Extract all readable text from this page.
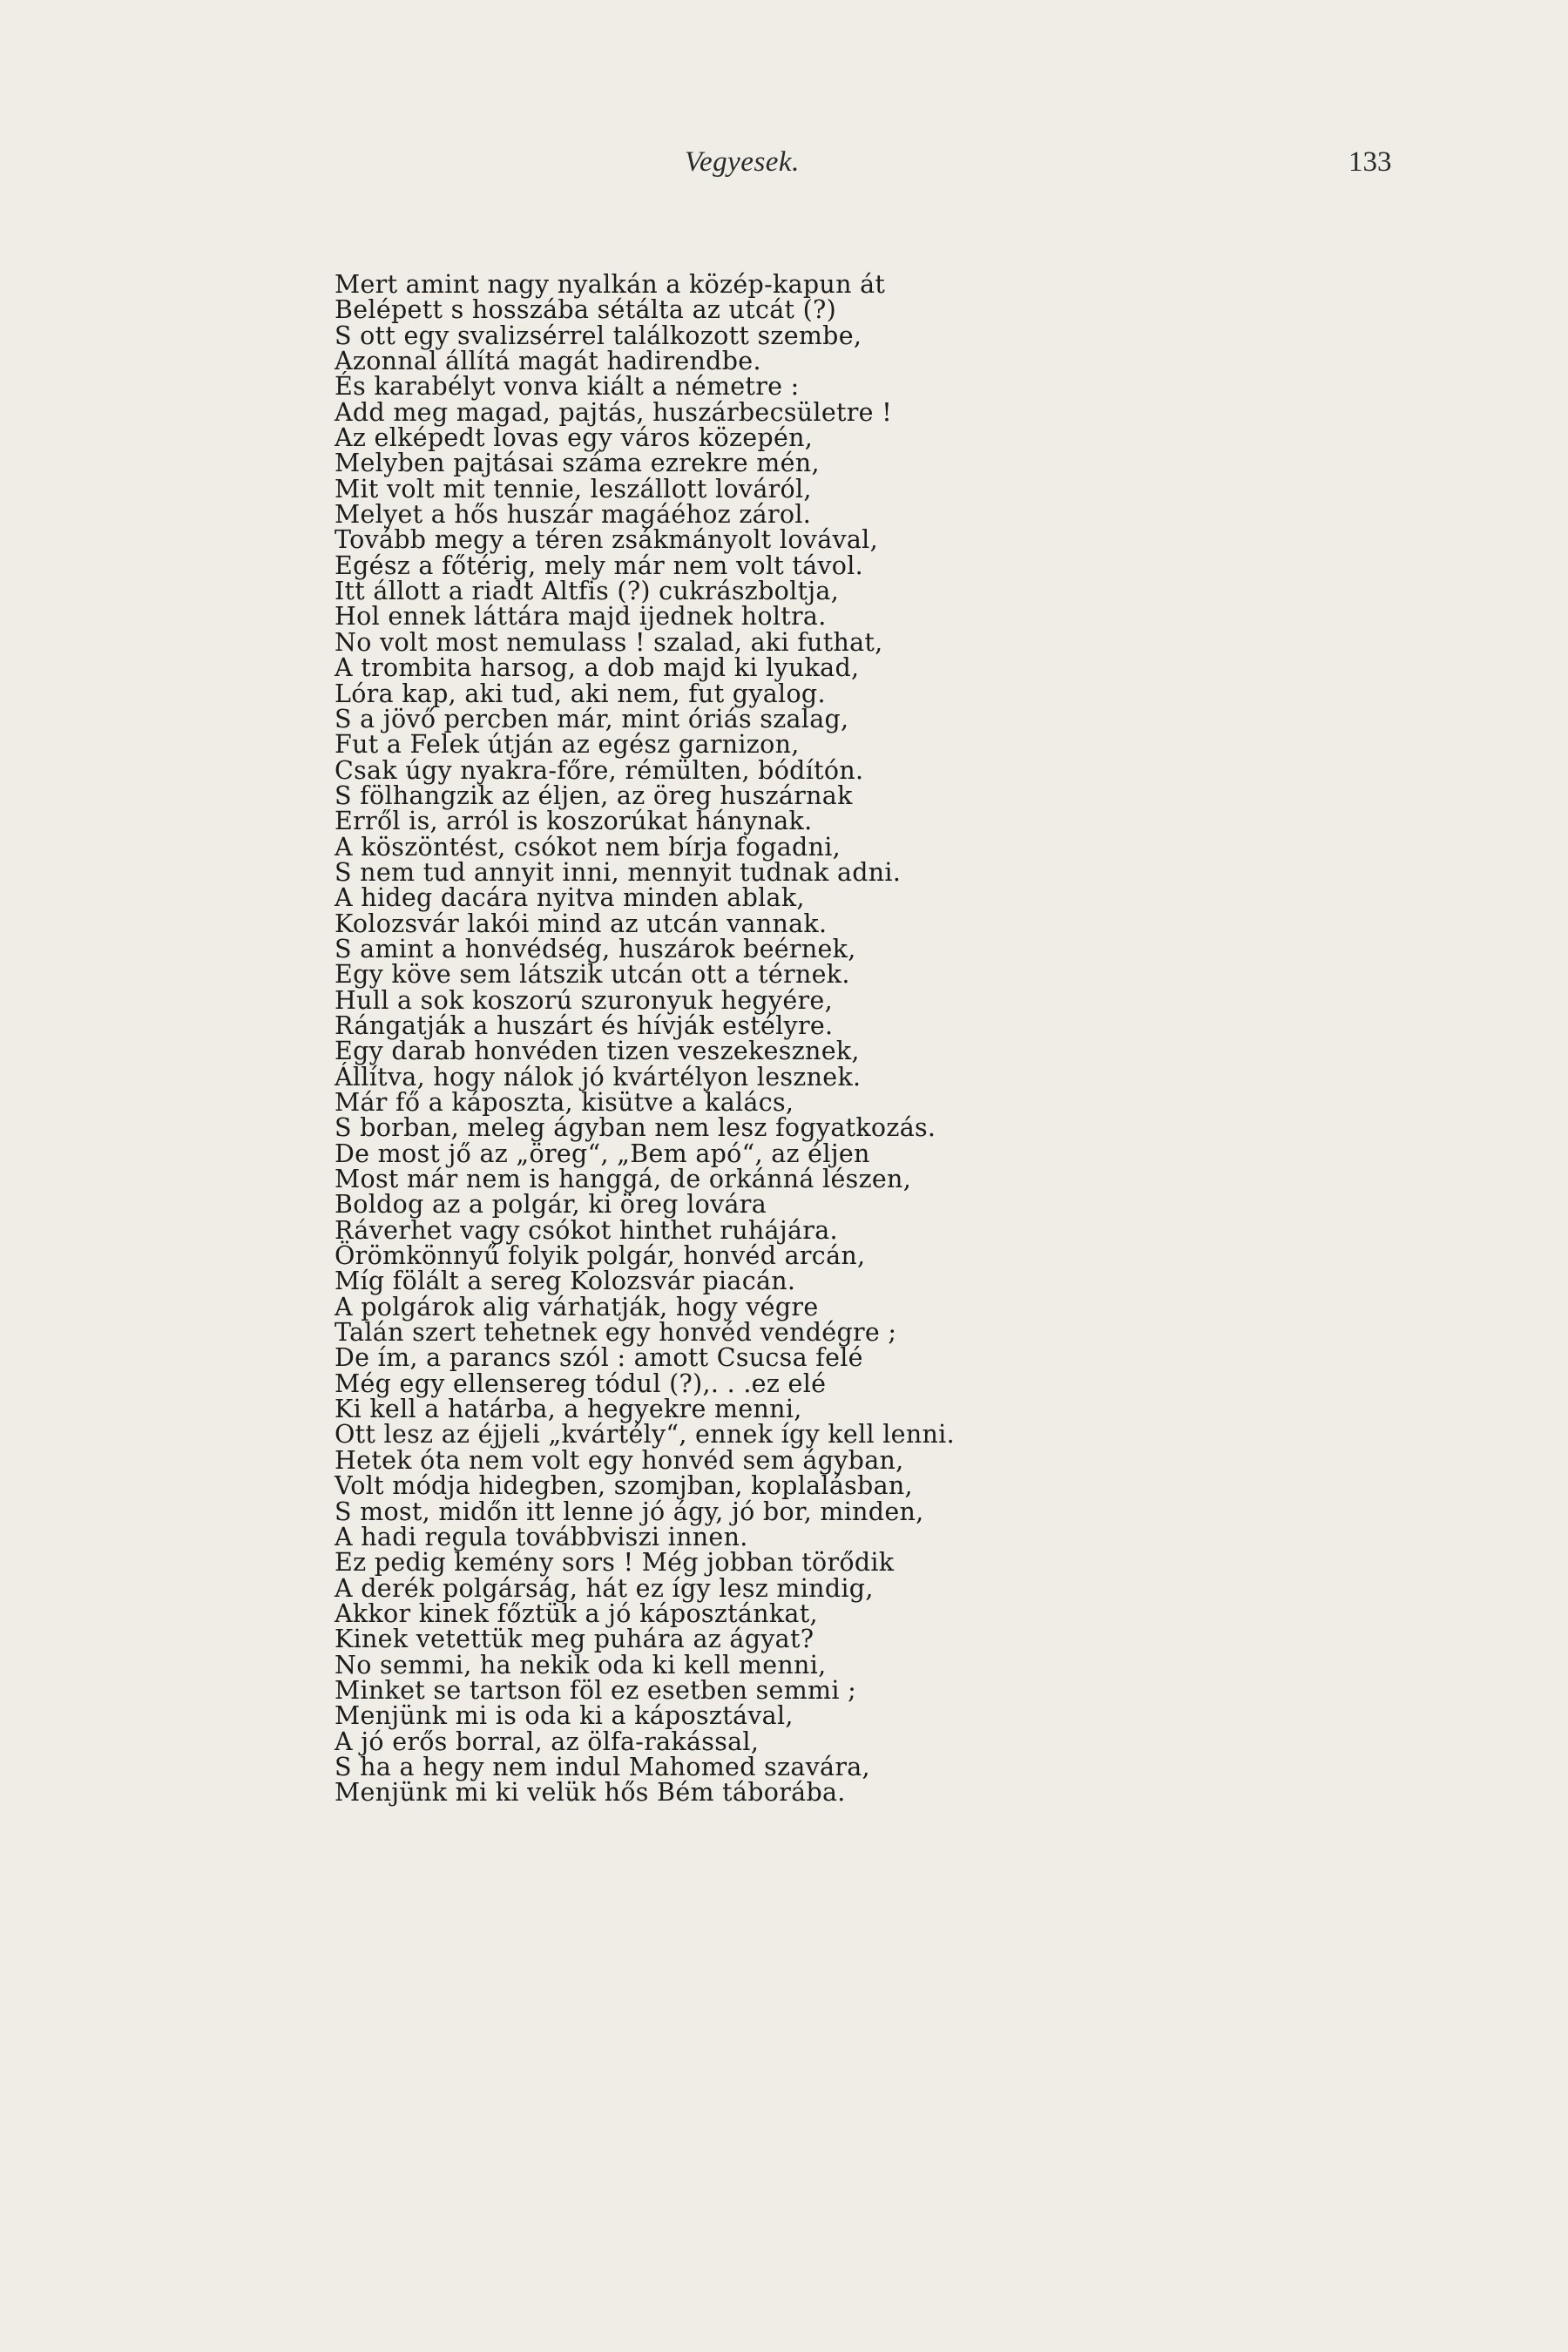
Vegyesek.	133
Mert amint nagy nyalkán a közép-kapun át
Belépett s hosszába sétálta az utcát (?)
S ott egy svalizsérrel találkozott szembe,
Azonnal állítá magát hadirendbe.
És karabélyt vonva kiált a németre :
Add meg magad, pajtás, huszárbecsületre !
Az elképedt lovas egy város közepén,
Melyben pajtásai száma ezrekre mén,
Mit volt mit tennie, leszállott lováról,
Melyet a hős huszár magáéhoz zárol.
Tovább megy a téren zsákmányolt lovával,
Egész a főtérig, mely már nem volt távol.
Itt állott a riadt Altfis (?) cukrászboltja,
Hol ennek láttára majd ijednek holtra.
No volt most nemulass ! szalad, aki futhat,
A trombita harsog, a dob majd ki lyukad,
Lóra kap, aki tud, aki nem, fut gyalog.
S a jövő percben már, mint óriás szalag,
Fut a Felek útján az egész garnizon,
Csak úgy nyakra-főre, rémülten, bódítón.
S fölhangzik az éljen, az öreg huszárnak
Erről is, arról is koszorúkat hánynak.
A köszöntést, csókot nem bírja fogadni,
S nem tud annyit inni, mennyit tudnak adni.
A hideg dacára nyitva minden ablak,
Kolozsvár lakói mind az utcán vannak.
S amint a honvédség, huszárok beérnek,
Egy köve sem látszik utcán ott a térnek.
Hull a sok koszorú szuronyuk hegyére,
Rángatják a huszárt és hívják estélyre.
Egy darab honvéden tizen veszekesznek,
Állítva, hogy nálok jó kvártélyon lesznek.
Már fő a káposzta, kisütve a kalács,
S borban, meleg ágyban nem lesz fogyatkozás.
De most jő az „öreg“, „Bem apó“, az éljen
Most már nem is hanggá, de orkánná lészen,
Boldog az a polgár, ki öreg lovára
Ráverhet vagy csókot hinthet ruhájára.
Örömkönnyű folyik polgár, honvéd arcán,
Míg fölált a sereg Kolozsvár piacán.
A polgárok alig várhatják, hogy végre
Talán szert tehetnek egy honvéd vendégre ;
De ím, a parancs szól : amott Csucsa felé
Még egy ellensereg tódul (?),. . .ez elé
Ki kell a határba, a hegyekre menni,
Ott lesz az éjjeli „kvártély“, ennek így kell lenni.
Hetek óta nem volt egy honvéd sem ágyban,
Volt módja hidegben, szomjban, koplalásban,
S most, midőn itt lenne jó ágy, jó bor, minden,
A hadi regula továbbviszi innen.
Ez pedig kemény sors ! Még jobban törődik
A derék polgárság, hát ez így lesz mindig,
Akkor kinek főztük a jó káposztánkat,
Kinek vetettük meg puhára az ágyat?
No semmi, ha nekik oda ki kell menni,
Minket se tartson föl ez esetben semmi ;
Menjünk mi is oda ki a káposztával,
A jó erős borral, az ölfa-rakással,
S ha a hegy nem indul Mahomed szavára,
Menjünk mi ki velük hős Bém táborába.
